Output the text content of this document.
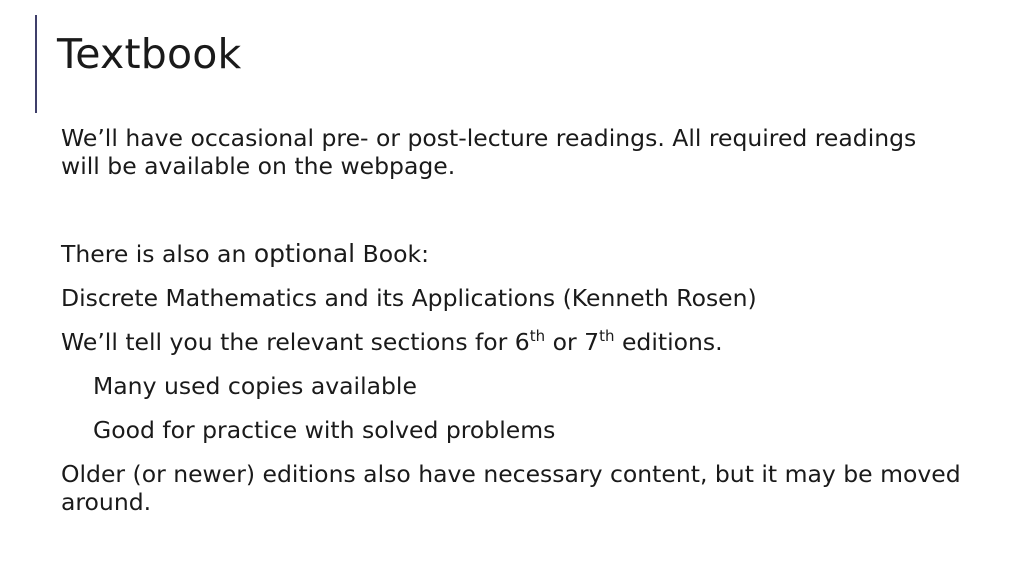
Textbook

We’ll have occasional pre- or post-lecture readings. All required readings will be available on the webpage.

There is also an optional Book:

Discrete Mathematics and its Applications (Kenneth Rosen)

We’ll tell you the relevant sections for 6th or 7th editions.

Many used copies available

Good for practice with solved problems

Older (or newer) editions also have necessary content, but it may be moved around.
